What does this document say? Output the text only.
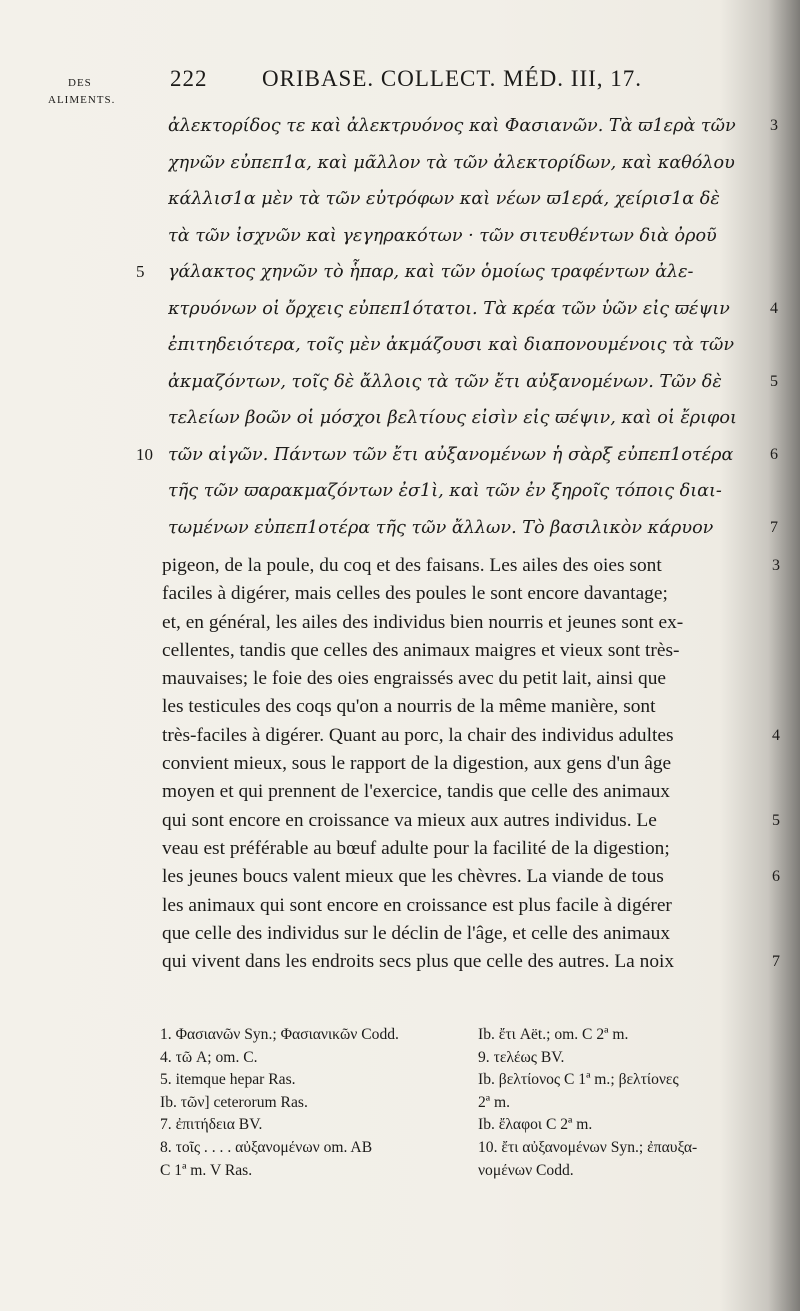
DES
ALIMENTS.
222 ORIBASE. COLLECT. MÉD. III, 17.
ἀλεκτορίδος τε καὶ ἀλεκτρυόνος καὶ Φασιανῶν. Τὰ ϖ1ερὰ τῶν 3
χηνῶν εὐπεπ1α, καὶ μᾶλλον τὰ τῶν ἀλεκτορίδων, καὶ καθόλου
κάλλισ1α μὲν τὰ τῶν εὐτρόφων καὶ νέων ϖ1ερά, χείρισ1α δὲ
τὰ τῶν ἰσχνῶν καὶ γεγηρακότων · τῶν σιτευθέντων διὰ ὀροῦ
5 γάλακτος χηνῶν τὸ ἧπαρ, καὶ τῶν ὁμοίως τραφέντων ἀλε-
κτρυόνων οἱ ὄρχεις εὐπεπ1ότατοι. Τὰ κρέα τῶν ὑῶν εἰς ϖέψιν	4
ἐπιτηδειότερα, τοῖς μὲν ἀκμάζουσι καὶ διαπονουμένοις τὰ τῶν
ἀκμαζόντων, τοῖς δὲ ἄλλοις τὰ τῶν ἔτι αὐξανομένων. Τῶν δὲ	5
τελείων βοῶν οἱ μόσχοι βελτίους εἰσὶν εἰς ϖέψιν, καὶ οἱ ἔριφοι
10 τῶν αἰγῶν. Πάντων τῶν ἔτι αὐξανομένων ἡ σὰρξ εὐπεπ1οτέρα 6
τῆς τῶν ϖαρακμαζόντων ἐσ1ὶ, καὶ τῶν ἐν ξηροῖς τόποις διαι-
τωμένων εὐπεπ1οτέρα τῆς τῶν ἄλλων. Τὸ βασιλικὸν κάρυον	7
pigeon, de la poule, du coq et des faisans. Les ailes des oies sont	3
faciles à digérer, mais celles des poules le sont encore davantage;
et, en général, les ailes des individus bien nourris et jeunes sont ex-
cellentes, tandis que celles des animaux maigres et vieux sont très-
mauvaises; le foie des oies engraissés avec du petit lait, ainsi que
les testicules des coqs qu'on a nourris de la même manière, sont
très-faciles à digérer. Quant au porc, la chair des individus adultes	4
convient mieux, sous le rapport de la digestion, aux gens d'un âge
moyen et qui prennent de l'exercice, tandis que celle des animaux
qui sont encore en croissance va mieux aux autres individus. Le	5
veau est préférable au bœuf adulte pour la facilité de la digestion;
les jeunes boucs valent mieux que les chèvres. La viande de tous	6
les animaux qui sont encore en croissance est plus facile à digérer
que celle des individus sur le déclin de l'âge, et celle des animaux
qui vivent dans les endroits secs plus que celle des autres. La noix	7
1. Φασιανῶν Syn.; Φασιανικῶν Codd.
4. τῶ A; om. C.
5. itemque hepar Ras.
Ib. τῶν] ceterorum Ras.
7. ἐπιτήδεια BV.
8. τοῖς . . . . αὐξανομένων om. AB
C 1ª m. V Ras.
Ib. ἔτι Aët.; om. C 2ª m.
9. τελέως BV.
Ib. βελτίονος C 1ª m.; βελτίονες
2ª m.
Ib. ἔλαφοι C 2ª m.
10. ἔτι αὐξανομένων Syn.; ἐπαυξα-
νομένων Codd.
